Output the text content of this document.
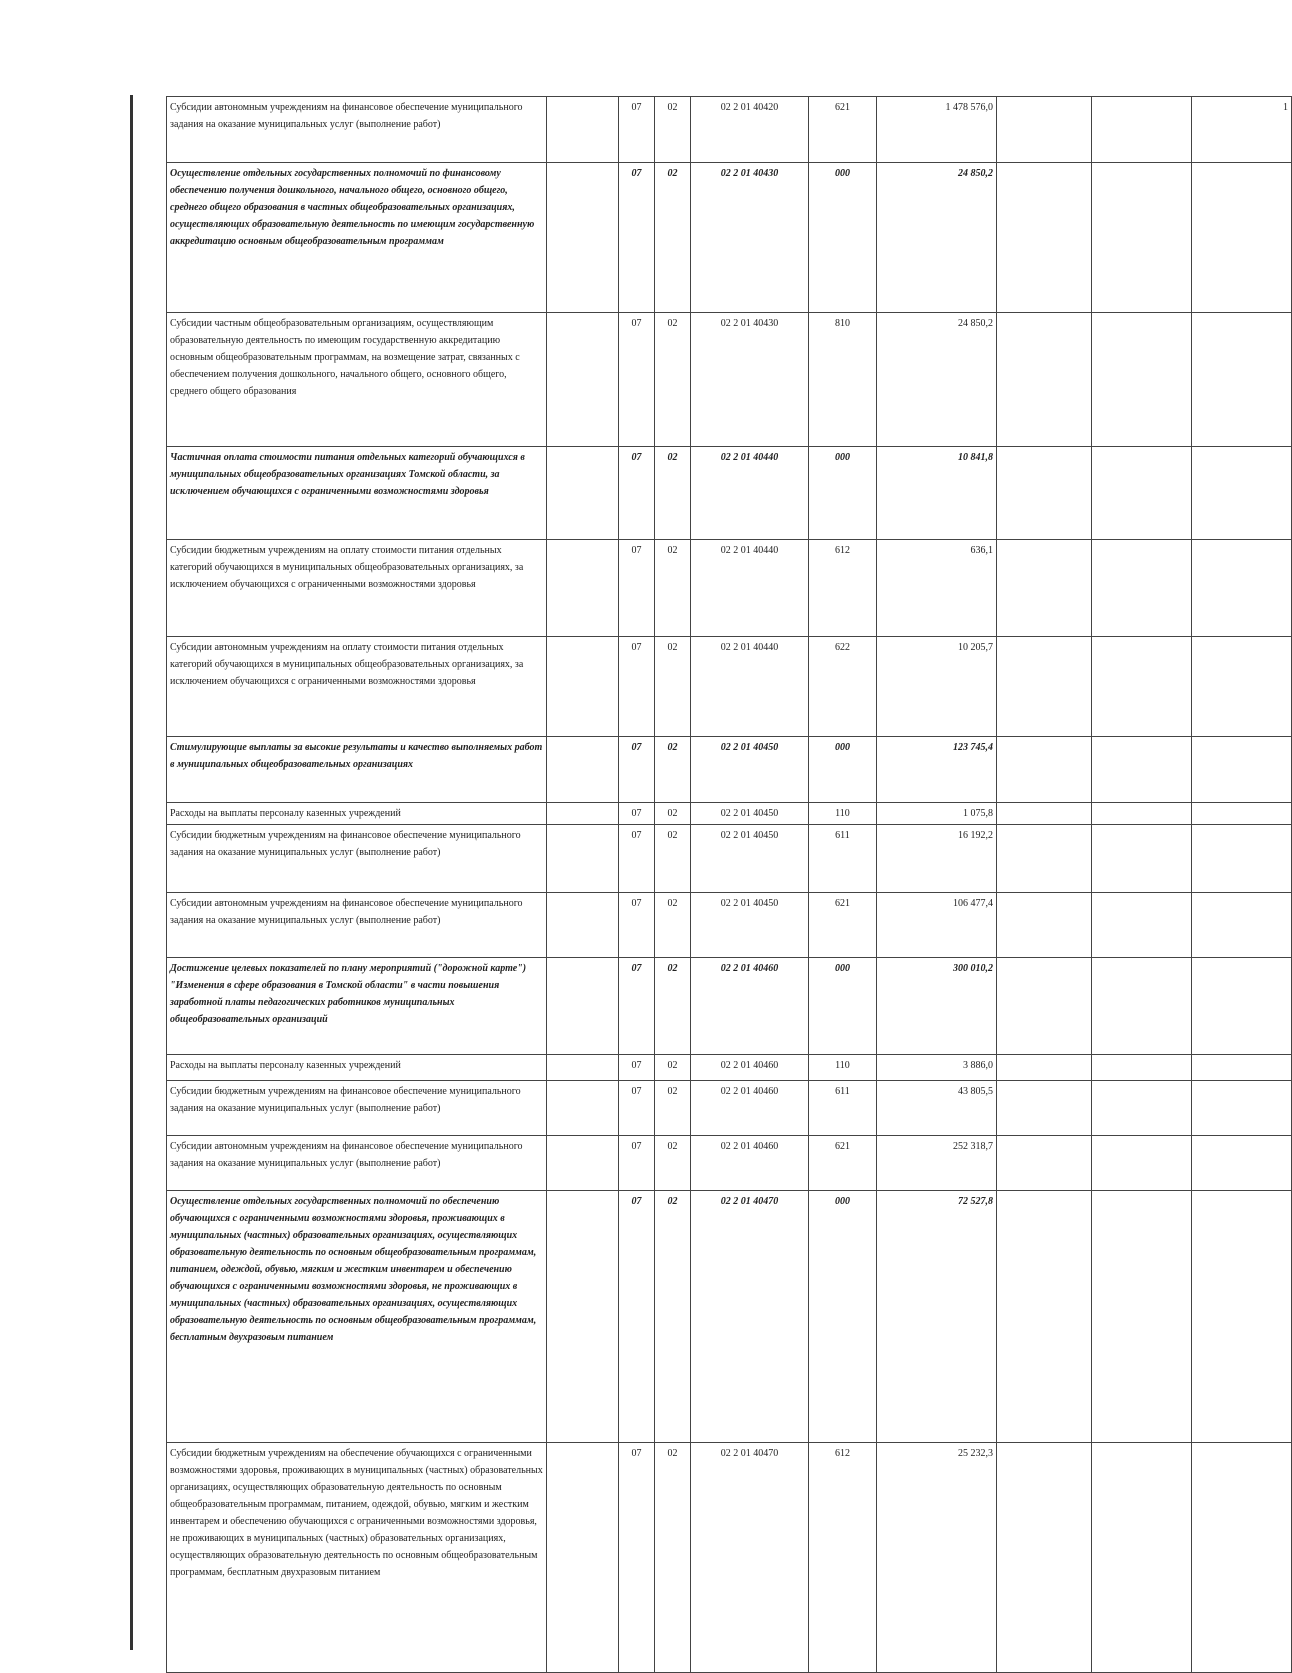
Субсидии автономным учреждениям на финансовое обеспечение муниципального задания на оказание муниципальных услуг (выполнение работ)		07	02	02 2 01 40420	621	1 478 576,0			1
Осуществление отдельных государственных полномочий по финансовому обеспечению получения дошкольного, начального общего, основного общего, среднего общего образования в частных общеобразовательных организациях, осуществляющих образовательную деятельность по имеющим государственную аккредитацию основным общеобразовательным программам		07	02	02 2 01 40430	000	24 850,2			
Субсидии частным общеобразовательным организациям, осуществляющим образовательную деятельность по имеющим государственную аккредитацию основным общеобразовательным программам, на возмещение затрат, связанных с обеспечением получения дошкольного, начального общего, основного общего, среднего общего образования		07	02	02 2 01 40430	810	24 850,2			
Частичная оплата стоимости питания отдельных категорий обучающихся в муниципальных общеобразовательных организациях Томской области, за исключением обучающихся с ограниченными возможностями здоровья		07	02	02 2 01 40440	000	10 841,8			
Субсидии бюджетным учреждениям на оплату стоимости питания отдельных категорий обучающихся в муниципальных общеобразовательных организациях, за исключением обучающихся с ограниченными возможностями здоровья		07	02	02 2 01 40440	612	636,1			
Субсидии автономным учреждениям на оплату стоимости питания отдельных категорий обучающихся в муниципальных общеобразовательных организациях, за исключением обучающихся с ограниченными возможностями здоровья		07	02	02 2 01 40440	622	10 205,7			
Стимулирующие выплаты за высокие результаты и качество выполняемых работ в муниципальных общеобразовательных организациях		07	02	02 2 01 40450	000	123 745,4			
Расходы на выплаты персоналу казенных учреждений		07	02	02 2 01 40450	110	1 075,8			
Субсидии бюджетным учреждениям на финансовое обеспечение муниципального задания на оказание муниципальных услуг (выполнение работ)		07	02	02 2 01 40450	611	16 192,2			
Субсидии автономным учреждениям на финансовое обеспечение муниципального задания на оказание муниципальных услуг (выполнение работ)		07	02	02 2 01 40450	621	106 477,4			
Достижение целевых показателей по плану мероприятий ("дорожной карте") "Изменения в сфере образования в Томской области" в части повышения заработной платы педагогических работников муниципальных общеобразовательных организаций		07	02	02 2 01 40460	000	300 010,2			
Расходы на выплаты персоналу казенных учреждений		07	02	02 2 01 40460	110	3 886,0			
Субсидии бюджетным учреждениям на финансовое обеспечение муниципального задания на оказание муниципальных услуг (выполнение работ)		07	02	02 2 01 40460	611	43 805,5			
Субсидии автономным учреждениям на финансовое обеспечение муниципального задания на оказание муниципальных услуг (выполнение работ)		07	02	02 2 01 40460	621	252 318,7			
Осуществление отдельных государственных полномочий по обеспечению обучающихся с ограниченными возможностями здоровья, проживающих в муниципальных (частных) образовательных организациях, осуществляющих образовательную деятельность по основным общеобразовательным программам, питанием, одеждой, обувью, мягким и жестким инвентарем и обеспечению обучающихся с ограниченными возможностями здоровья, не проживающих в муниципальных (частных) образовательных организациях, осуществляющих образовательную деятельность по основным общеобразовательным программам, бесплатным двухразовым питанием		07	02	02 2 01 40470	000	72 527,8			
Субсидии бюджетным учреждениям на обеспечение обучающихся с ограниченными возможностями здоровья, проживающих в муниципальных (частных) образовательных организациях, осуществляющих образовательную деятельность по основным общеобразовательным программам, питанием, одеждой, обувью, мягким и жестким инвентарем и обеспечению обучающихся с ограниченными возможностями здоровья, не проживающих в муниципальных (частных) образовательных организациях, осуществляющих образовательную деятельность по основным общеобразовательным программам, бесплатным двухразовым питанием		07	02	02 2 01 40470	612	25 232,3			
